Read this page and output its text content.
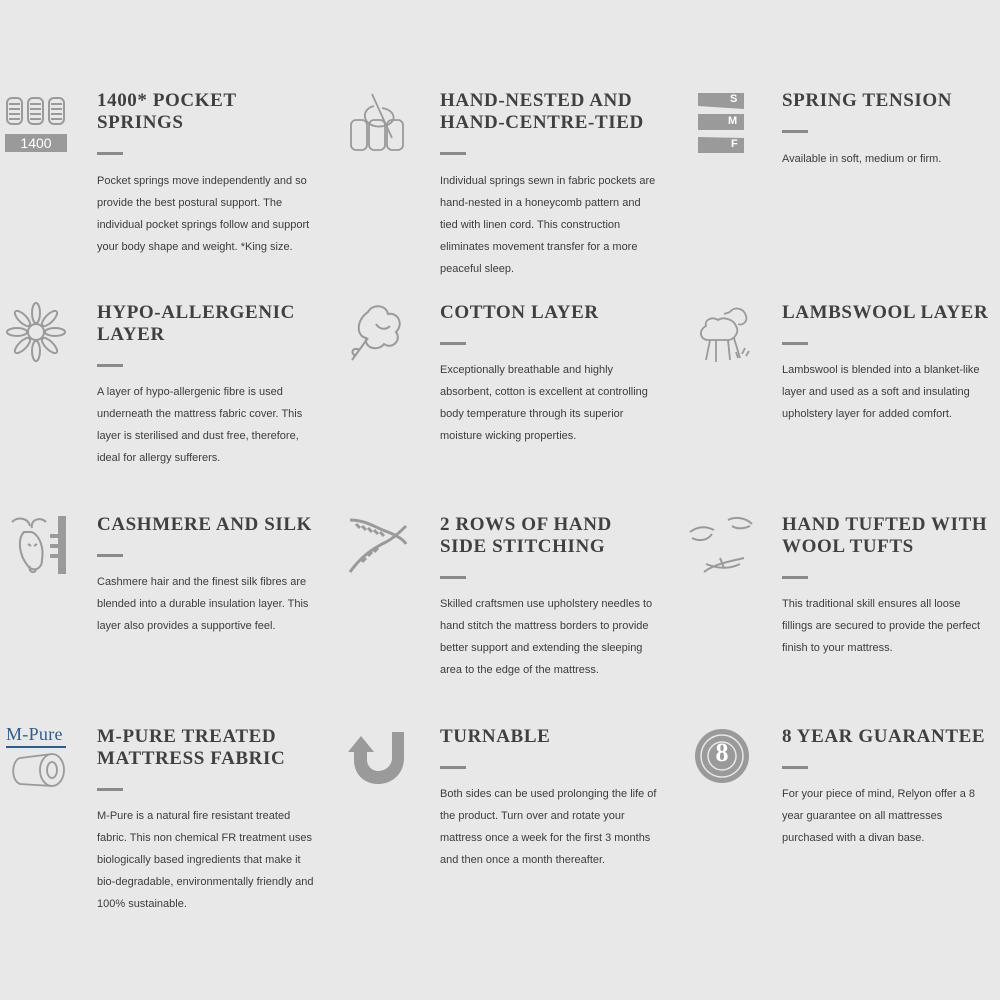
1400
1400* POCKET
SPRINGS

Pocket springs move independently and so provide the best postural support. The individual pocket springs follow and support your body shape and weight. *King size.

HAND-NESTED AND
HAND-CENTRE-TIED

Individual springs sewn in fabric pockets are hand-nested in a honeycomb pattern and tied with linen cord. This construction eliminates movement transfer for a more peaceful sleep.

S
M
F
SPRING TENSION

Available in soft, medium or firm.

HYPO-ALLERGENIC
LAYER

A layer of hypo-allergenic fibre is used underneath the mattress fabric cover. This layer is sterilised and dust free, therefore, ideal for allergy sufferers.

COTTON LAYER

Exceptionally breathable and highly absorbent, cotton is excellent at controlling body temperature through its superior moisture wicking properties.

LAMBSWOOL LAYER

Lambswool is blended into a blanket-like layer and used as a soft and insulating upholstery layer for added comfort.

CASHMERE AND SILK

Cashmere hair and the finest silk fibres are blended into a durable insulation layer. This layer also provides a supportive feel.

2 ROWS OF HAND
SIDE STITCHING

Skilled craftsmen use upholstery needles to hand stitch the mattress borders to provide better support and extending the sleeping area to the edge of the mattress.

HAND TUFTED WITH
WOOL TUFTS

This traditional skill ensures all loose fillings are secured to provide the perfect finish to your mattress.

M-Pure	M-PURE TREATED
MATTRESS FABRIC

M-Pure is a natural fire resistant treated fabric. This non chemical FR treatment uses biologically based ingredients that make it bio-degradable, environmentally friendly and 100% sustainable.

TURNABLE

Both sides can be used prolonging the life of the product. Turn over and rotate your mattress once a week for the first 3 months and then once a month thereafter.

8
8 YEAR GUARANTEE

For your piece of mind, Relyon offer a 8 year guarantee on all mattresses purchased with a divan base.
